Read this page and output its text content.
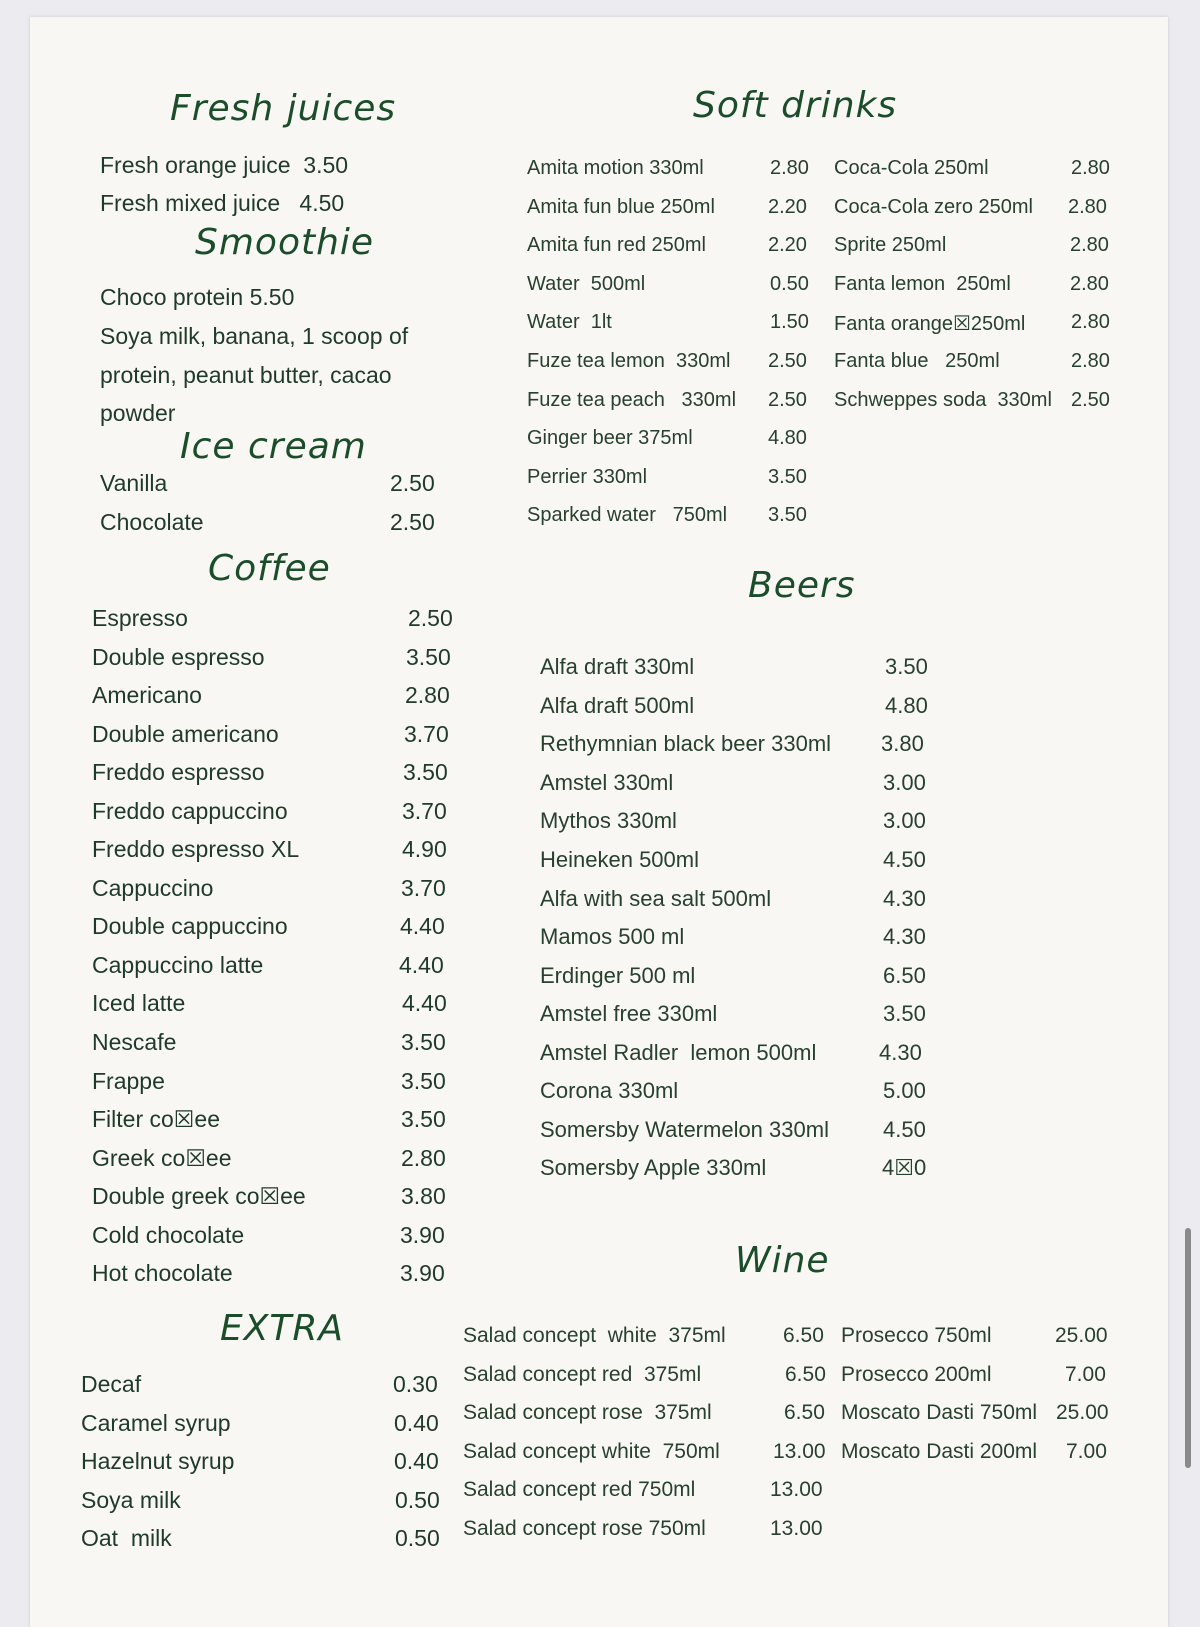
Fresh juices
Smoothie
Ice cream
Coffee
EXTRA
Soft drinks
Beers
Wine
Fresh orange juice  3.50
Fresh mixed juice   4.50
Choco protein 5.50
Soya milk, banana, 1 scoop of
protein, peanut butter, cacao
powder
Vanilla	2.50
Chocolate	2.50
Espresso	2.50
Double espresso	3.50
Americano	2.80
Double americano	3.70
Freddo espresso	3.50
Freddo cappuccino	3.70
Freddo espresso XL	4.90
Cappuccino	3.70
Double cappuccino	4.40
Cappuccino latte	4.40
Iced latte	4.40
Nescafe	3.50
Frappe	3.50
Filter co☒ee	3.50
Greek co☒ee	2.80
Double greek co☒ee	3.80
Cold chocolate	3.90
Hot chocolate	3.90
Decaf	0.30
Caramel syrup	0.40
Hazelnut syrup	0.40
Soya milk	0.50
Oat  milk	0.50
Amita motion 330ml	2.80
Amita fun blue 250ml	2.20
Amita fun red 250ml	2.20
Water  500ml	0.50
Water  1lt	1.50
Fuze tea lemon  330ml 2.50
Fuze tea peach   330ml 2.50
Ginger beer 375ml	4.80
Perrier 330ml	3.50
Sparked water   750ml 3.50
Coca-Cola 250ml	2.80
Coca-Cola zero 250ml 2.80
Sprite 250ml	2.80
Fanta lemon  250ml	2.80
Fanta orange☒250ml 2.80
Fanta blue   250ml	2.80
Schweppes soda  330ml 2.50
Alfa draft 330ml	3.50
Alfa draft 500ml	4.80
Rethymnian black beer 330ml 3.80
Amstel 330ml	3.00
Mythos 330ml	3.00
Heineken 500ml	4.50
Alfa with sea salt 500ml	4.30
Mamos 500 ml	4.30
Erdinger 500 ml	6.50
Amstel free 330ml	3.50
Amstel Radler  lemon 500ml	4.30
Corona 330ml	5.00
Somersby Watermelon 330ml 4.50
Somersby Apple 330ml	4☒0
Salad concept  white  375ml	6.50
Salad concept red  375ml	6.50
Salad concept rose  375ml	6.50
Salad concept white  750ml	13.00
Salad concept red 750ml	13.00
Salad concept rose 750ml	13.00
Prosecco 750ml	25.00
Prosecco 200ml	7.00
Moscato Dasti 750ml 25.00
Moscato Dasti 200ml 7.00
